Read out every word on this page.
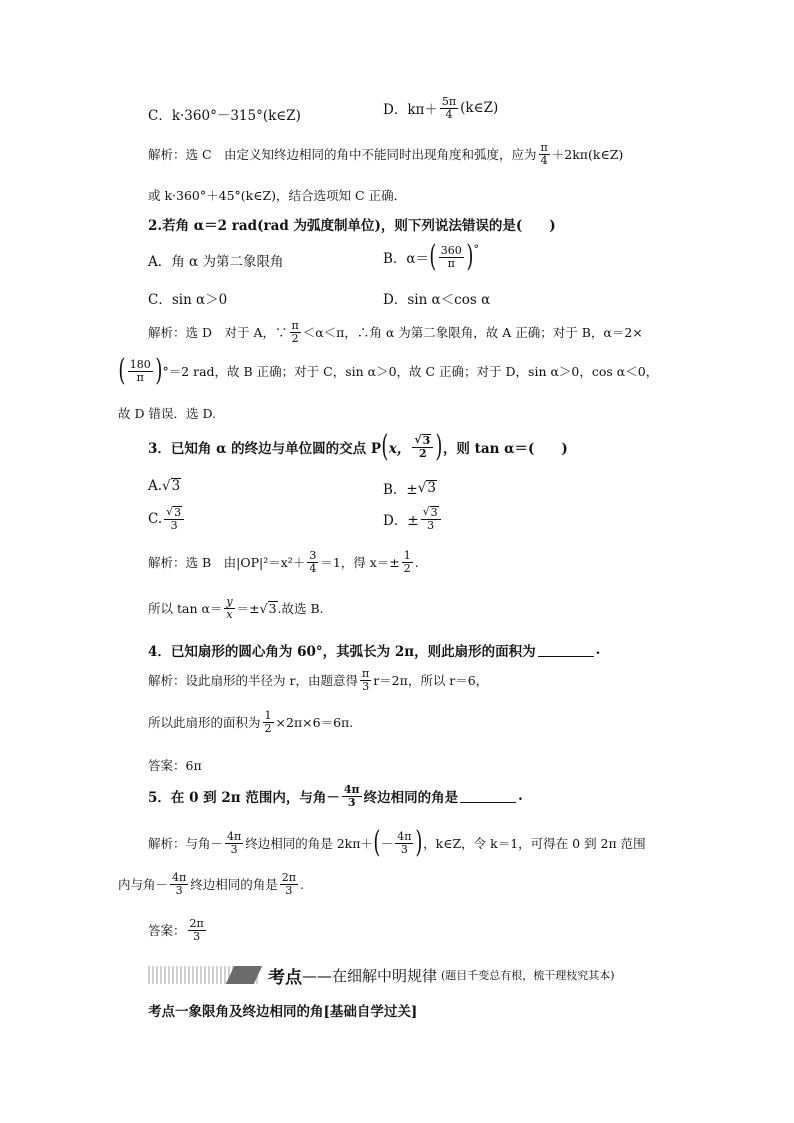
C．k·360°－315°(k∈Z)	D．$k\pi+ \frac{5\pi}{4}$ (k∈Z)
解析：选 C　由定义知终边相同的角中不能同时出现角度和弧度，应为 $\frac{\pi}{4}$ ＋2kπ(k∈Z)
或 k·360°＋45°(k∈Z)，结合选项知 C 正确．
2.若角 α＝2 rad(rad 为弧度制单位)，则下列说法错误的是(　　)
A．角 α 为第二象限角	B．α＝ ( $\frac{360}{\pi}$ ) °
C．sin α＞0	D．sin α＜cos α
解析：选 D　对于 A，∵ $\frac{\pi}{2} <\alpha<\pi$，∴角 α 为第二象限角，故 A 正确；对于 B，α＝2×
( $\frac{180}{\pi}$ ) °＝2 rad，故 B 正确；对于 C，sin α＞0，故 C 正确；对于 D，sin α＞0，cos α＜0，
故 D 错误．选 D.
3．已知角 α 的终边与单位圆的交点 P ( x， $\frac{√ 3}{2}$ ) ，则 tan α＝(　　)
A. √ 3	B．± √ 3
C. $\frac{√ 3}{3}$	D．± $\frac{√ 3}{3}$
解析：选 B　由$|OP|^2=x^2+ \frac{3}{4} =1$，得 $x=\pm \frac{1}{2}$ .
所以 $\tan \alpha= \frac{y}{x}$ ＝± √ 3 .故选 B.
4．已知扇形的圆心角为 60°，其弧长为 2π，则此扇形的面积为	.
解析：设此扇形的半径为 r，由题意得 $\frac{\pi}{3} r=2\pi$，所以 r＝6，
所以此扇形的面积为 $\frac{1}{2} \times 2\pi\times 6=6\pi$.
答案：6π
5．在 0 到 2π 范围内，与角－ $\frac{4\pi}{3}$ 终边相同的角是	.
解析：与角－ $\frac{4\pi}{3}$ 终边相同的角是 2kπ＋ ( － $\frac{4\pi}{3}$ ) ，k∈Z，令 k＝1，可得在 0 到 2π 范围
内与角－ $\frac{4\pi}{3}$ 终边相同的角是 $\frac{2\pi}{3}$ .
答案： $\frac{2\pi}{3}$
考点 ——在细解中明规律 (题目千变总有根，梳干理枝究其本)
考点一象限角及终边相同的角[基础自学过关]
